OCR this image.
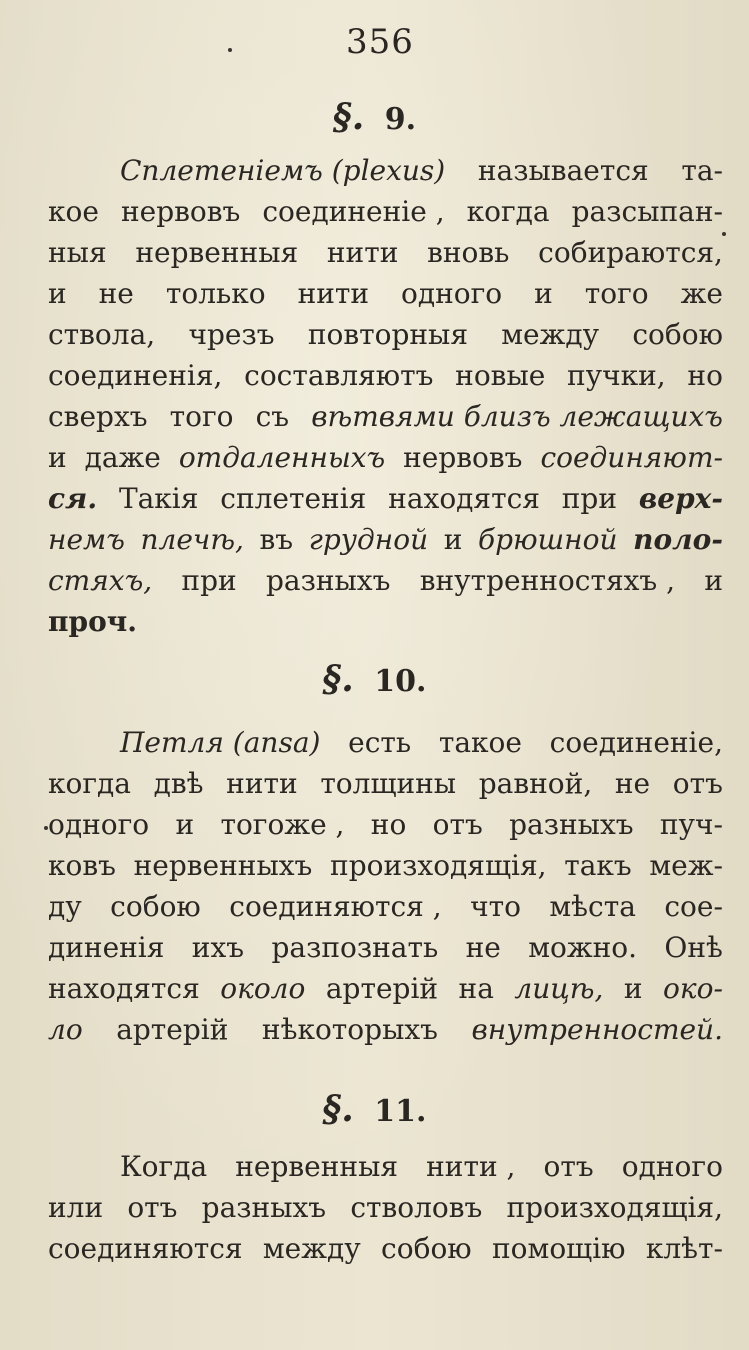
356
§. 9.
Сплетеніемъ (plexus) называется та-
кое нервовъ соединеніе , когда разсыпан-
ныя нервенныя нити вновь собираются,
и не только нити одного и того же
ствола, чрезъ повторныя между собою
соединенія, составляютъ новые пучки, но
сверхъ того съ вѣтвями близъ лежащихъ
и даже отдаленныхъ нервовъ соединяют-
ся. Такія сплетенія находятся при верх-
немъ плечѣ, въ грудной и брюшной поло-
стяхъ, при разныхъ внутренностяхъ , и
проч.
§. 10.
Петля (ansa) есть такое соединеніе,
когда двѣ нити толщины равной, не отъ
одного и тогоже , но отъ разныхъ пуч-
ковъ нервенныхъ произходящія, такъ меж-
ду собою соединяются , что мѣста сое-
диненія ихъ разпознать не можно. Онѣ
находятся около артерій на лицѣ, и око-
ло артерій нѣкоторыхъ внутренностей.
§. 11.
Когда нервенныя нити , отъ одного
или отъ разныхъ стволовъ произходящія,
соединяются между собою помощію клѣт-
